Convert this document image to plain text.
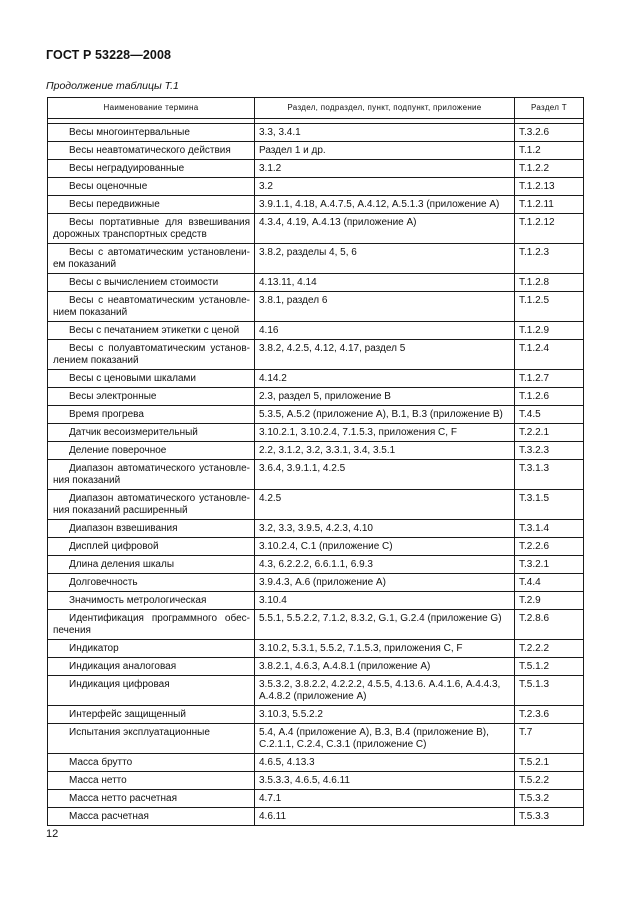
ГОСТ Р 53228—2008
Продолжение таблицы Т.1
Наименование термина	Раздел, подраздел, пункт, подпункт, приложение	Раздел Т

Весы многоинтервальные	3.3, 3.4.1	Т.3.2.6
Весы неавтоматического действия	Раздел 1 и др.	Т.1.2
Весы неградуированные	3.1.2	Т.1.2.2
Весы оценочные	3.2	Т.1.2.13
Весы передвижные	3.9.1.1, 4.18, А.4.7.5, А.4.12, А.5.1.3 (приложение А)	Т.1.2.11
Весы портативные для взвешивания дорожных транспортных средств	4.3.4, 4.19, А.4.13 (приложение А)	Т.1.2.12
Весы с автоматическим установлением показаний	3.8.2, разделы 4, 5, 6	Т.1.2.3
Весы с вычислением стоимости	4.13.11, 4.14	Т.1.2.8
Весы с неавтоматическим установлением показаний	3.8.1, раздел 6	Т.1.2.5
Весы с печатанием этикетки с ценой	4.16	Т.1.2.9
Весы с полуавтоматическим установлением показаний	3.8.2, 4.2.5, 4.12, 4.17, раздел 5	Т.1.2.4
Весы с ценовыми шкалами	4.14.2	Т.1.2.7
Весы электронные	2.3, раздел 5, приложение В	Т.1.2.6
Время прогрева	5.3.5, А.5.2 (приложение А), В.1, В.3 (приложение В)	Т.4.5
Датчик весоизмерительный	3.10.2.1, 3.10.2.4, 7.1.5.3, приложения С, F	Т.2.2.1
Деление поверочное	2.2, 3.1.2, 3.2, 3.3.1, 3.4, 3.5.1	Т.3.2.3
Диапазон автоматического установления показаний	3.6.4, 3.9.1.1, 4.2.5	Т.3.1.3
Диапазон автоматического установления показаний расширенный	4.2.5	Т.3.1.5
Диапазон взвешивания	3.2, 3.3, 3.9.5, 4.2.3, 4.10	Т.3.1.4
Дисплей цифровой	3.10.2.4, С.1 (приложение С)	Т.2.2.6
Длина деления шкалы	4.3, 6.2.2.2, 6.6.1.1, 6.9.3	Т.3.2.1
Долговечность	3.9.4.3, А.6 (приложение А)	Т.4.4
Значимость метрологическая	3.10.4	Т.2.9
Идентификация программного обеспечения	5.5.1, 5.5.2.2, 7.1.2, 8.3.2, G.1, G.2.4 (приложение G)	Т.2.8.6
Индикатор	3.10.2, 5.3.1, 5.5.2, 7.1.5.3, приложения С, F	Т.2.2.2
Индикация аналоговая	3.8.2.1, 4.6.3, А.4.8.1 (приложение А)	Т.5.1.2
Индикация цифровая	3.5.3.2, 3.8.2.2, 4.2.2.2, 4.5.5, 4.13.6. А.4.1.6, А.4.4.3, А.4.8.2 (приложение А)	Т.5.1.3
Интерфейс защищенный	3.10.3, 5.5.2.2	Т.2.3.6
Испытания эксплуатационные	5.4, А.4 (приложение А), В.3, В.4 (приложение В), С.2.1.1, С.2.4, С.3.1 (приложение С)	Т.7
Масса брутто	4.6.5, 4.13.3	Т.5.2.1
Масса нетто	3.5.3.3, 4.6.5, 4.6.11	Т.5.2.2
Масса нетто расчетная	4.7.1	Т.5.3.2
Масса расчетная	4.6.11	Т.5.3.3
12
